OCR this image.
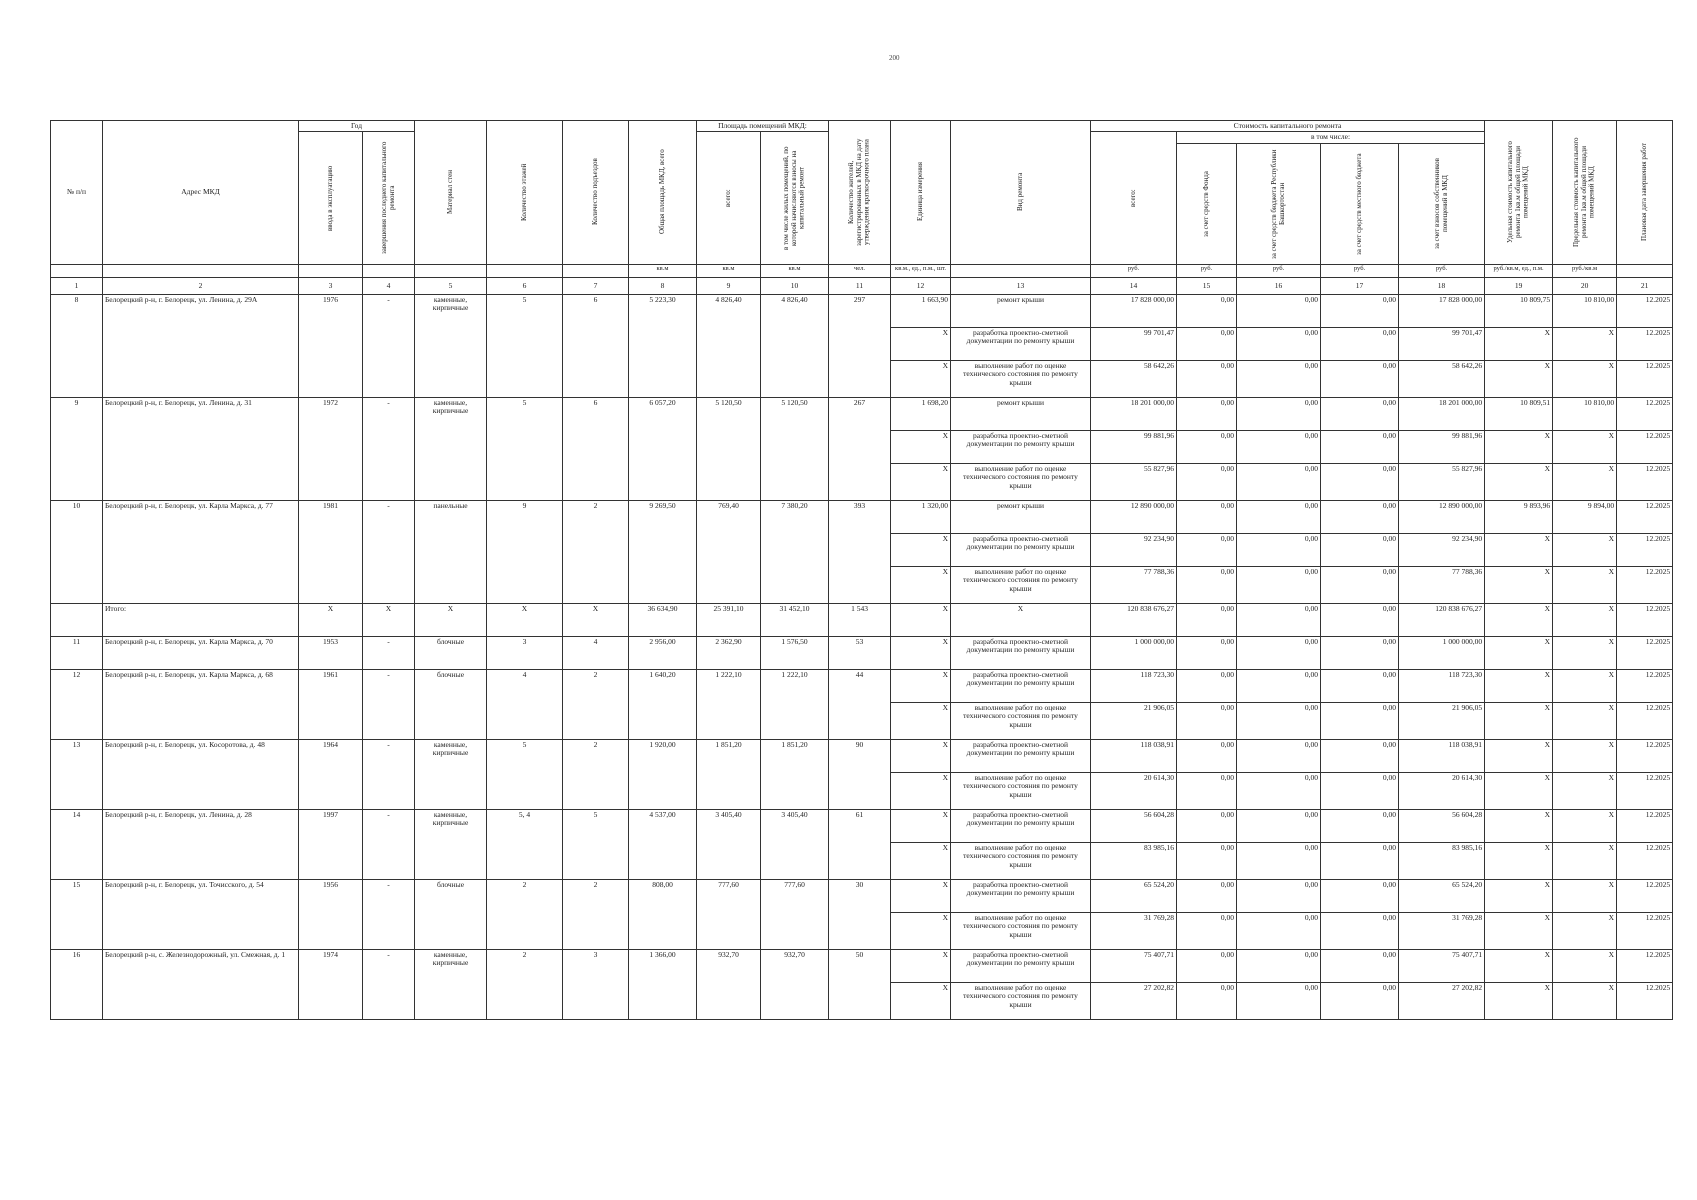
200
№ п/п	Адрес МКД	Год		Материал стен	Количество этажей	Количество подъездов	Общая площадь МКД, всего	Площадь помещений МКД:		Количество жителей, зарегистрированных в МКД на дату утверждения краткосрочного плана	Единица измерения	Вид ремонта	Стоимость капитального ремонта					Удельная стоимость капитального ремонта 1кв.м общей площади помещений МКД	Предельная стоимость капитального ремонта 1кв.м общей площади помещений МКД	Плановая дата завершения работ

		ввода в эксплуатацию	завершения последнего капитального ремонта					всего:	в том числе жилых помещений, по которой начисляются взносы на капитальный ремонт				всего:	в том числе:						

														за счет средств Фонда	за счет средств бюджета Республики Башкортостан	за счет средств местного бюджета	за счет взносов собственников помещений в МКД			

							кв.м	кв.м	кв.м	чел.	кв.м., ед., п.м., шт.		руб.	руб.	руб.	руб.	руб.	руб./кв.м, ед., п.м.	руб./кв.м	
1	2	3	4	5	6	7	8	9	10	11	12	13	14	15	16	17	18	19	20	21
8	Белорецкий р-н, г. Белорецк, ул. Ленина, д. 29А	1976	-	каменные, кирпичные	5	6	5 223,30	4 826,40	4 826,40	297	1 663,90	ремонт крыши	17 828 000,00	0,00	0,00	0,00	17 828 000,00	10 809,75	10 810,00	12.2025
											X	разработка проектно-сметной документации по ремонту крыши	99 701,47	0,00	0,00	0,00	99 701,47	X	X	12.2025
											X	выполнение работ по оценке технического состояния по ремонту крыши	58 642,26	0,00	0,00	0,00	58 642,26	X	X	12.2025
9	Белорецкий р-н, г. Белорецк, ул. Ленина, д. 31	1972	-	каменные, кирпичные	5	6	6 057,20	5 120,50	5 120,50	267	1 698,20	ремонт крыши	18 201 000,00	0,00	0,00	0,00	18 201 000,00	10 809,51	10 810,00	12.2025
											X	разработка проектно-сметной документации по ремонту крыши	99 881,96	0,00	0,00	0,00	99 881,96	X	X	12.2025
											X	выполнение работ по оценке технического состояния по ремонту крыши	55 827,96	0,00	0,00	0,00	55 827,96	X	X	12.2025
10	Белорецкий р-н, г. Белорецк, ул. Карла Маркса, д. 77	1981	-	панельные	9	2	9 269,50	769,40	7 380,20	393	1 320,00	ремонт крыши	12 890 000,00	0,00	0,00	0,00	12 890 000,00	9 893,96	9 894,00	12.2025
											X	разработка проектно-сметной документации по ремонту крыши	92 234,90	0,00	0,00	0,00	92 234,90	X	X	12.2025
											X	выполнение работ по оценке технического состояния по ремонту крыши	77 788,36	0,00	0,00	0,00	77 788,36	X	X	12.2025
	Итого:	X	X	X	X	X	36 634,90	25 391,10	31 452,10	1 543	X	X	120 838 676,27	0,00	0,00	0,00	120 838 676,27	X	X	12.2025
11	Белорецкий р-н, г. Белорецк, ул. Карла Маркса, д. 70	1953	-	блочные	3	4	2 956,00	2 362,90	1 576,50	53	X	разработка проектно-сметной документации по ремонту крыши	1 000 000,00	0,00	0,00	0,00	1 000 000,00	X	X	12.2025
12	Белорецкий р-н, г. Белорецк, ул. Карла Маркса, д. 68	1961	-	блочные	4	2	1 640,20	1 222,10	1 222,10	44	X	разработка проектно-сметной документации по ремонту крыши	118 723,30	0,00	0,00	0,00	118 723,30	X	X	12.2025
											X	выполнение работ по оценке технического состояния по ремонту крыши	21 906,05	0,00	0,00	0,00	21 906,05	X	X	12.2025
13	Белорецкий р-н, г. Белорецк, ул. Косоротова, д. 48	1964	-	каменные, кирпичные	5	2	1 920,00	1 851,20	1 851,20	90	X	разработка проектно-сметной документации по ремонту крыши	118 038,91	0,00	0,00	0,00	118 038,91	X	X	12.2025
											X	выполнение работ по оценке технического состояния по ремонту крыши	20 614,30	0,00	0,00	0,00	20 614,30	X	X	12.2025
14	Белорецкий р-н, г. Белорецк, ул. Ленина, д. 28	1997	-	каменные, кирпичные	5, 4	5	4 537,00	3 405,40	3 405,40	61	X	разработка проектно-сметной документации по ремонту крыши	56 604,28	0,00	0,00	0,00	56 604,28	X	X	12.2025
											X	выполнение работ по оценке технического состояния по ремонту крыши	83 985,16	0,00	0,00	0,00	83 985,16	X	X	12.2025
15	Белорецкий р-н, г. Белорецк, ул. Точисского, д. 54	1956	-	блочные	2	2	808,00	777,60	777,60	30	X	разработка проектно-сметной документации по ремонту крыши	65 524,20	0,00	0,00	0,00	65 524,20	X	X	12.2025
											X	выполнение работ по оценке технического состояния по ремонту крыши	31 769,28	0,00	0,00	0,00	31 769,28	X	X	12.2025
16	Белорецкий р-н, с. Железнодорожный, ул. Смежная, д. 1	1974	-	каменные, кирпичные	2	3	1 366,00	932,70	932,70	50	X	разработка проектно-сметной документации по ремонту крыши	75 407,71	0,00	0,00	0,00	75 407,71	X	X	12.2025
											X	выполнение работ по оценке технического состояния по ремонту крыши	27 202,82	0,00	0,00	0,00	27 202,82	X	X	12.2025
